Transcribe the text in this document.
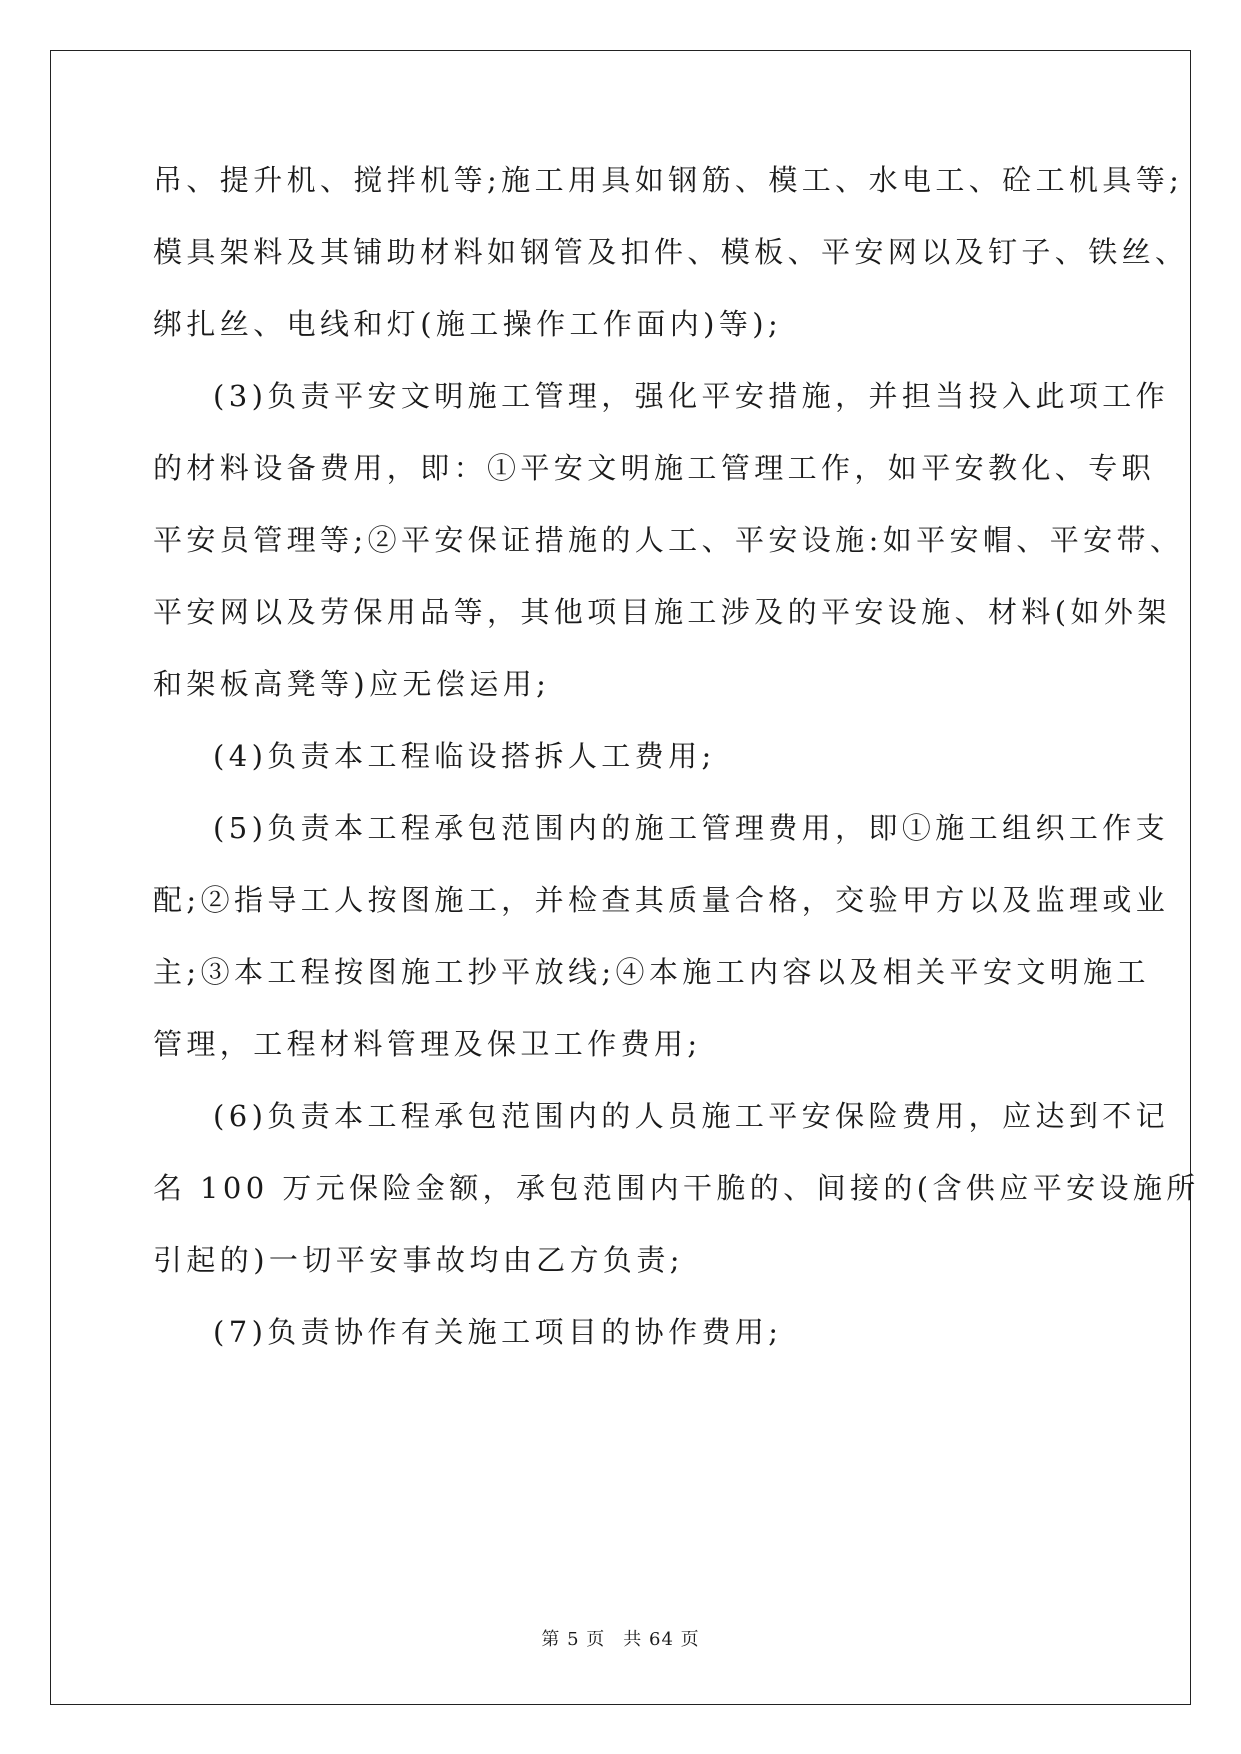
吊、提升机、搅拌机等;施工用具如钢筋、模工、水电工、砼工机具等;
模具架料及其铺助材料如钢管及扣件、模板、平安网以及钉子、铁丝、
绑扎丝、电线和灯(施工操作工作面内)等);
(3)负责平安文明施工管理，强化平安措施，并担当投入此项工作
的材料设备费用，即：①平安文明施工管理工作，如平安教化、专职
平安员管理等;②平安保证措施的人工、平安设施:如平安帽、平安带、
平安网以及劳保用品等，其他项目施工涉及的平安设施、材料(如外架
和架板高凳等)应无偿运用;
(4)负责本工程临设搭拆人工费用;
(5)负责本工程承包范围内的施工管理费用，即①施工组织工作支
配;②指导工人按图施工，并检查其质量合格，交验甲方以及监理或业
主;③本工程按图施工抄平放线;④本施工内容以及相关平安文明施工
管理，工程材料管理及保卫工作费用;
(6)负责本工程承包范围内的人员施工平安保险费用，应达到不记
名 100 万元保险金额，承包范围内干脆的、间接的(含供应平安设施所
引起的)一切平安事故均由乙方负责;
(7)负责协作有关施工项目的协作费用;
第 5 页 共 64 页
